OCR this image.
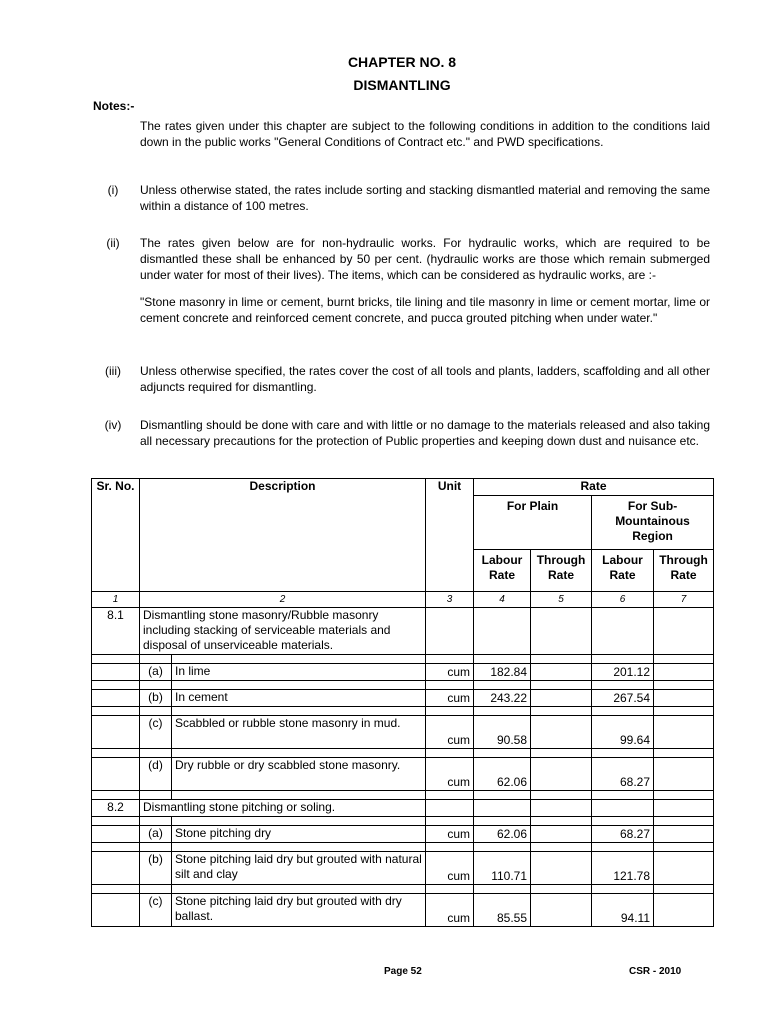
CHAPTER NO. 8
DISMANTLING
Notes:-
The rates given under this chapter are subject to the following conditions in addition to the conditions laid down in the public works "General Conditions of Contract etc." and PWD specifications.
(i)	Unless otherwise stated, the rates include sorting and stacking dismantled material and removing the same within a distance of 100 metres.
(ii)	The rates given below are for non-hydraulic works. For hydraulic works, which are required to be dismantled these shall be enhanced by 50 per cent. (hydraulic works are those which remain submerged under water for most of their lives). The items, which can be considered as hydraulic works, are :-
"Stone masonry in lime or cement, burnt bricks, tile lining and tile masonry in lime or cement mortar, lime or cement concrete and reinforced cement concrete, and pucca grouted pitching when under water."
(iii)	Unless otherwise specified, the rates cover the cost of all tools and plants, ladders, scaffolding and all other adjuncts required for dismantling.
(iv)	Dismantling should be done with care and with little or no damage to the materials released and also taking all necessary precautions for the protection of Public properties and keeping down dust and nuisance etc.
Sr. No.	Description		Unit	Rate			
				For Plain		For Sub-Mountainous Region	
				Labour Rate	Through Rate	Labour Rate	Through Rate
1	2		3	4	5	6	7
8.1	Dismantling stone masonry/Rubble masonry including stacking of serviceable materials and disposal of unserviceable materials.						

	(a)	In lime	cum	182.84		201.12	

	(b)	In cement	cum	243.22		267.54	

	(c)	Scabbled or rubble stone masonry in mud.	cum	90.58		99.64	

	(d)	Dry rubble or dry scabbled stone masonry.	cum	62.06		68.27	

8.2	Dismantling stone pitching or soling.						

	(a)	Stone pitching dry	cum	62.06		68.27	

	(b)	Stone pitching laid dry but grouted with natural silt and clay	cum	110.71		121.78	

	(c)	Stone pitching laid dry but grouted with dry ballast.	cum	85.55		94.11	
Page 52	CSR - 2010
